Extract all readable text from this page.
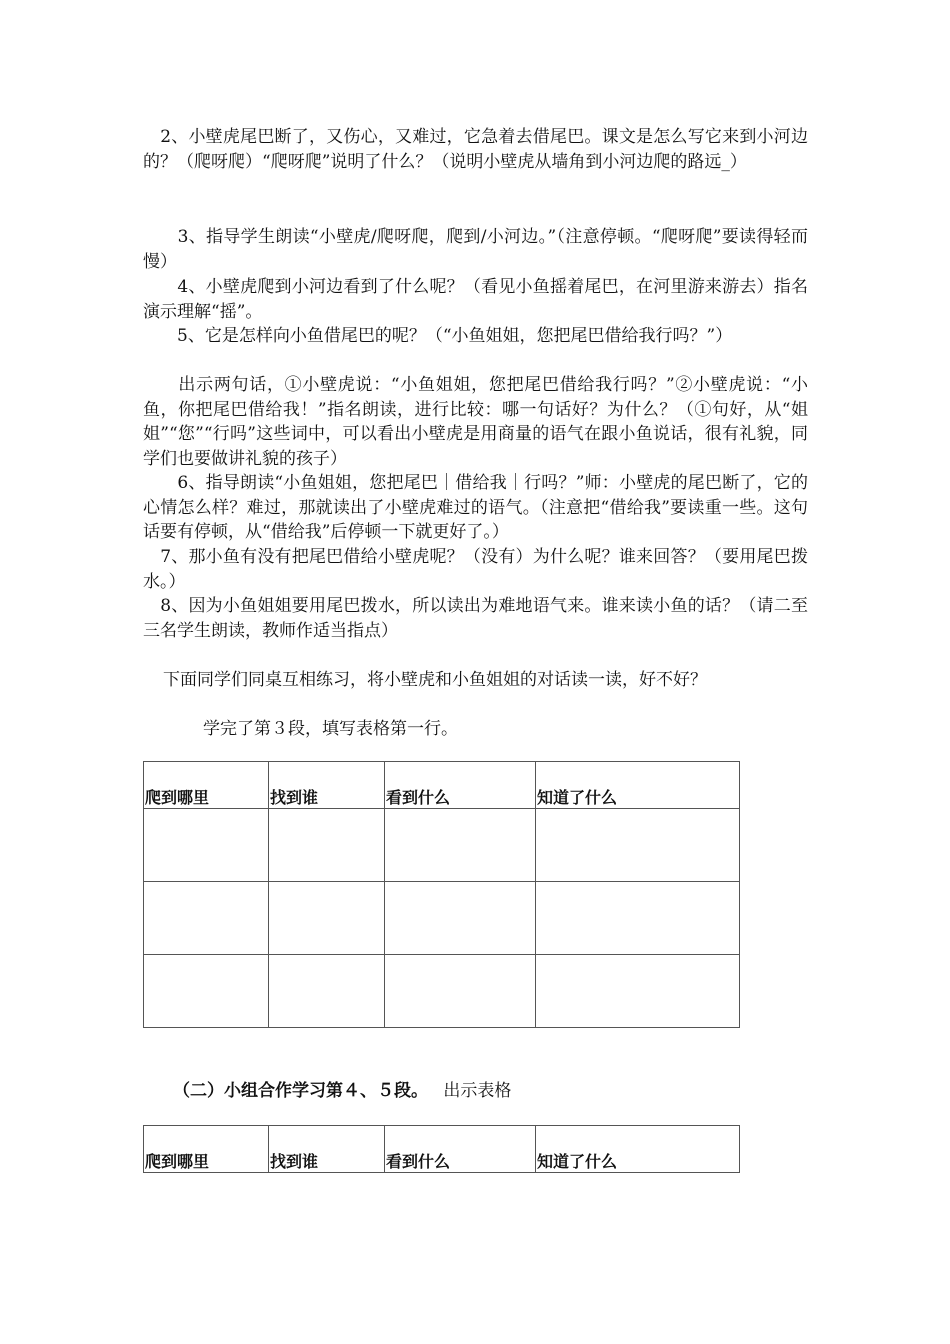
　2、小壁虎尾巴断了，又伤心，又难过，它急着去借尾巴。课文是怎么写它来到小河边的？（爬呀爬）“爬呀爬”说明了什么？（说明小壁虎从墙角到小河边爬的路远_）

　　3、指导学生朗读“小壁虎/爬呀爬，爬到/小河边。”（注意停顿。“爬呀爬”要读得轻而慢）

　　4、小壁虎爬到小河边看到了什么呢？（看见小鱼摇着尾巴，在河里游来游去）指名演示理解“摇”。

　　5、它是怎样向小鱼借尾巴的呢？（“小鱼姐姐，您把尾巴借给我行吗？”）

　　出示两句话，①小壁虎说：“小鱼姐姐，您把尾巴借给我行吗？”②小壁虎说：“小鱼，你把尾巴借给我！”指名朗读，进行比较：哪一句话好？为什么？（①句好，从“姐姐”“您”“行吗”这些词中，可以看出小壁虎是用商量的语气在跟小鱼说话，很有礼貌，同学们也要做讲礼貌的孩子）

　　6、指导朗读“小鱼姐姐，您把尾巴｜借给我｜行吗？”师：小壁虎的尾巴断了，它的心情怎么样？难过，那就读出了小壁虎难过的语气。（注意把“借给我”要读重一些。这句话要有停顿，从“借给我”后停顿一下就更好了。）

　7、那小鱼有没有把尾巴借给小壁虎呢？（没有）为什么呢？谁来回答？（要用尾巴拨水。）

　8、因为小鱼姐姐要用尾巴拨水，所以读出为难地语气来。谁来读小鱼的话？（请二至三名学生朗读，教师作适当指点）

下面同学们同桌互相练习，将小壁虎和小鱼姐姐的对话读一读，好不好？

学完了第３段，填写表格第一行。

爬到哪里	找到谁	看到什么	知道了什么

（二）小组合作学习第４、５段。 出示表格

爬到哪里	找到谁	看到什么	知道了什么
